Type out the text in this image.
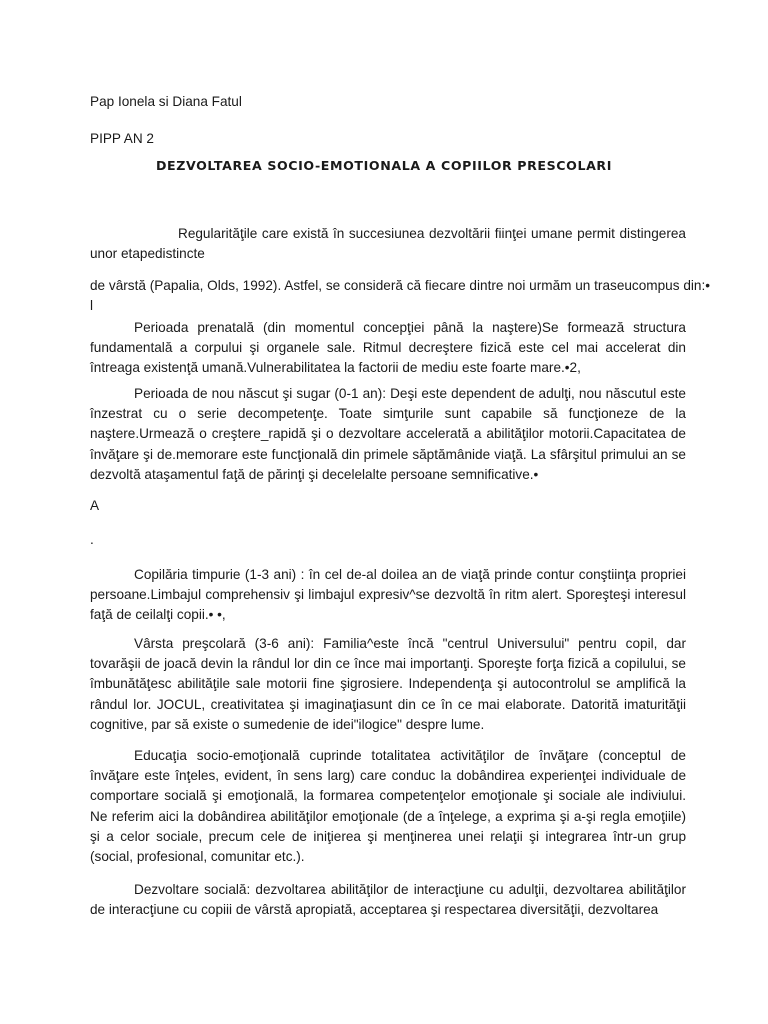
Pap Ionela si Diana Fatul
PIPP AN 2
DEZVOLTAREA SOCIO-EMOTIONALA A COPIILOR PRESCOLARI

Regularităţile care există în succesiunea dezvoltării fiinţei umane permit distingerea unor etapedistincte

de vârstă (Papalia, Olds, 1992). Astfel, se consideră că fiecare dintre noi urmăm un traseucompus din:• l

Perioada prenatală (din momentul concepţiei până la naştere)Se formează structura fundamentală a corpului şi organele sale. Ritmul decreştere fizică este cel mai accelerat din întreaga existenţă umană.Vulnerabilitatea la factorii de mediu este foarte mare.•2,

Perioada de nou născut şi sugar (0-1 an): Deşi este dependent de adulţi, nou născutul este înzestrat cu o serie decompetenţe. Toate simţurile sunt capabile să funcţioneze de la naştere.Urmează o creştere_rapidă şi o dezvoltare accelerată a abilităţilor motorii.Capacitatea de învăţare şi de.memorare este funcţională din primele săptămânide viaţă. La sfârşitul primului an se dezvoltă ataşamentul faţă de părinţi şi decelelalte persoane semnificative.•

A

.

Copilăria timpurie (1-3 ani) : în cel de-al doilea an de viaţă prinde contur conştiinţa propriei persoane.Limbajul comprehensiv şi limbajul expresiv^se dezvoltă în ritm alert. Sporeşteşi interesul faţă de ceilalţi copii.• •,

Vârsta preşcolară (3-6 ani): Familia^este încă "centrul Universului" pentru copil, dar tovarăşii de joacă devin la rândul lor din ce înce mai importanţi. Sporeşte forţa fizică a copilului, se îmbunătăţesc abilităţile sale motorii fine şigrosiere. Independenţa şi autocontrolul se amplifică la rândul lor. JOCUL, creativitatea şi imaginaţiasunt din ce în ce mai elaborate. Datorită imaturităţii cognitive, par să existe o sumedenie de idei"ilogice" despre lume.

Educaţia socio-emoţională cuprinde totalitatea activităţilor de învăţare (conceptul de învăţare este înţeles, evident, în sens larg) care conduc la dobândirea experienţei individuale de comportare socială şi emoţională, la formarea competenţelor emoţionale şi sociale ale indiviului. Ne referim aici la dobândirea abilităţilor emoţionale (de a înţelege, a exprima şi a-şi regla emoţiile) şi a celor sociale, precum cele de iniţierea şi menţinerea unei relaţii şi integrarea într-un grup (social, profesional, comunitar etc.).

Dezvoltare socială: dezvoltarea abilităţilor de interacţiune cu adulţii, dezvoltarea abilităţilor de interacţiune cu copiii de vârstă apropiată, acceptarea şi respectarea diversităţii, dezvoltarea
